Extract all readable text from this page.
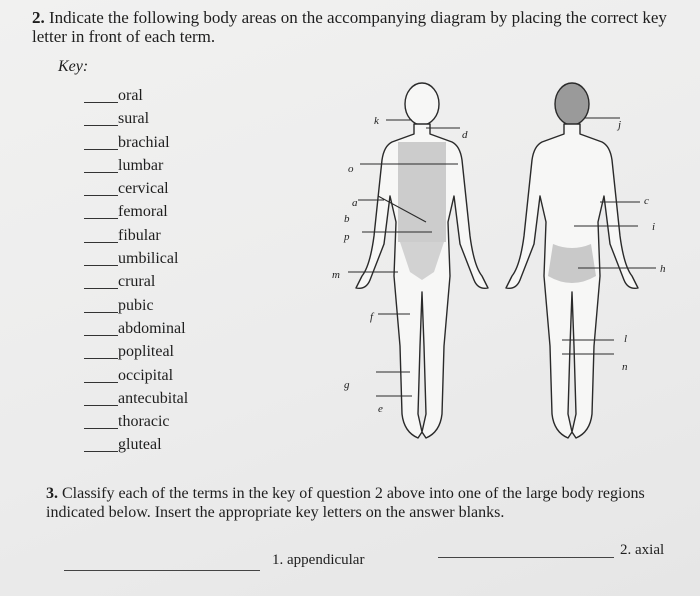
2. Indicate the following body areas on the accompanying diagram by placing the correct key letter in front of each term.
Key:
oral
sural
brachial
lumbar
cervical
femoral
fibular
umbilical
crural
pubic
abdominal
popliteal
occipital
antecubital
thoracic
gluteal
k
d
o
a
b
p
m
f
g
e
j
c
i
h
l
n
3. Classify each of the terms in the key of question 2 above into one of the large body regions indicated below. Insert the appropriate key letters on the answer blanks.
1. appendicular
2. axial
